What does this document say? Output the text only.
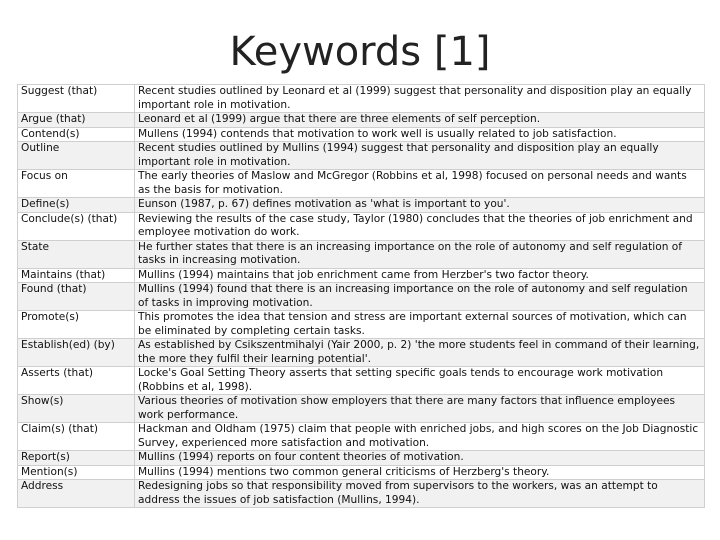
Keywords [1]
Suggest (that)	Recent studies outlined by Leonard et al (1999) suggest that personality and disposition play an equally important role in motivation.
Argue (that)	Leonard et al (1999) argue that there are three elements of self perception.
Contend(s)	Mullens (1994) contends that motivation to work well is usually related to job satisfaction.
Outline	Recent studies outlined by Mullins (1994) suggest that personality and disposition play an equally important role in motivation.
Focus on	The early theories of Maslow and McGregor (Robbins et al, 1998) focused on personal needs and wants as the basis for motivation.
Define(s)	Eunson (1987, p. 67) defines motivation as 'what is important to you'.
Conclude(s) (that)	Reviewing the results of the case study, Taylor (1980) concludes that the theories of job enrichment and employee motivation do work.
State	He further states that there is an increasing importance on the role of autonomy and self regulation of tasks in increasing motivation.
Maintains (that)	Mullins (1994) maintains that job enrichment came from Herzber's two factor theory.
Found (that)	Mullins (1994) found that there is an increasing importance on the role of autonomy and self regulation of tasks in improving motivation.
Promote(s)	This promotes the idea that tension and stress are important external sources of motivation, which can be eliminated by completing certain tasks.
Establish(ed) (by)	As established by Csikszentmihalyi (Yair 2000, p. 2) 'the more students feel in command of their learning, the more they fulfil their learning potential'.
Asserts (that)	Locke's Goal Setting Theory asserts that setting specific goals tends to encourage work motivation (Robbins et al, 1998).
Show(s)	Various theories of motivation show employers that there are many factors that influence employees work performance.
Claim(s) (that)	Hackman and Oldham (1975) claim that people with enriched jobs, and high scores on the Job Diagnostic Survey, experienced more satisfaction and motivation.
Report(s)	Mullins (1994) reports on four content theories of motivation.
Mention(s)	Mullins (1994) mentions two common general criticisms of Herzberg's theory.
Address	Redesigning jobs so that responsibility moved from supervisors to the workers, was an attempt to address the issues of job satisfaction (Mullins, 1994).
